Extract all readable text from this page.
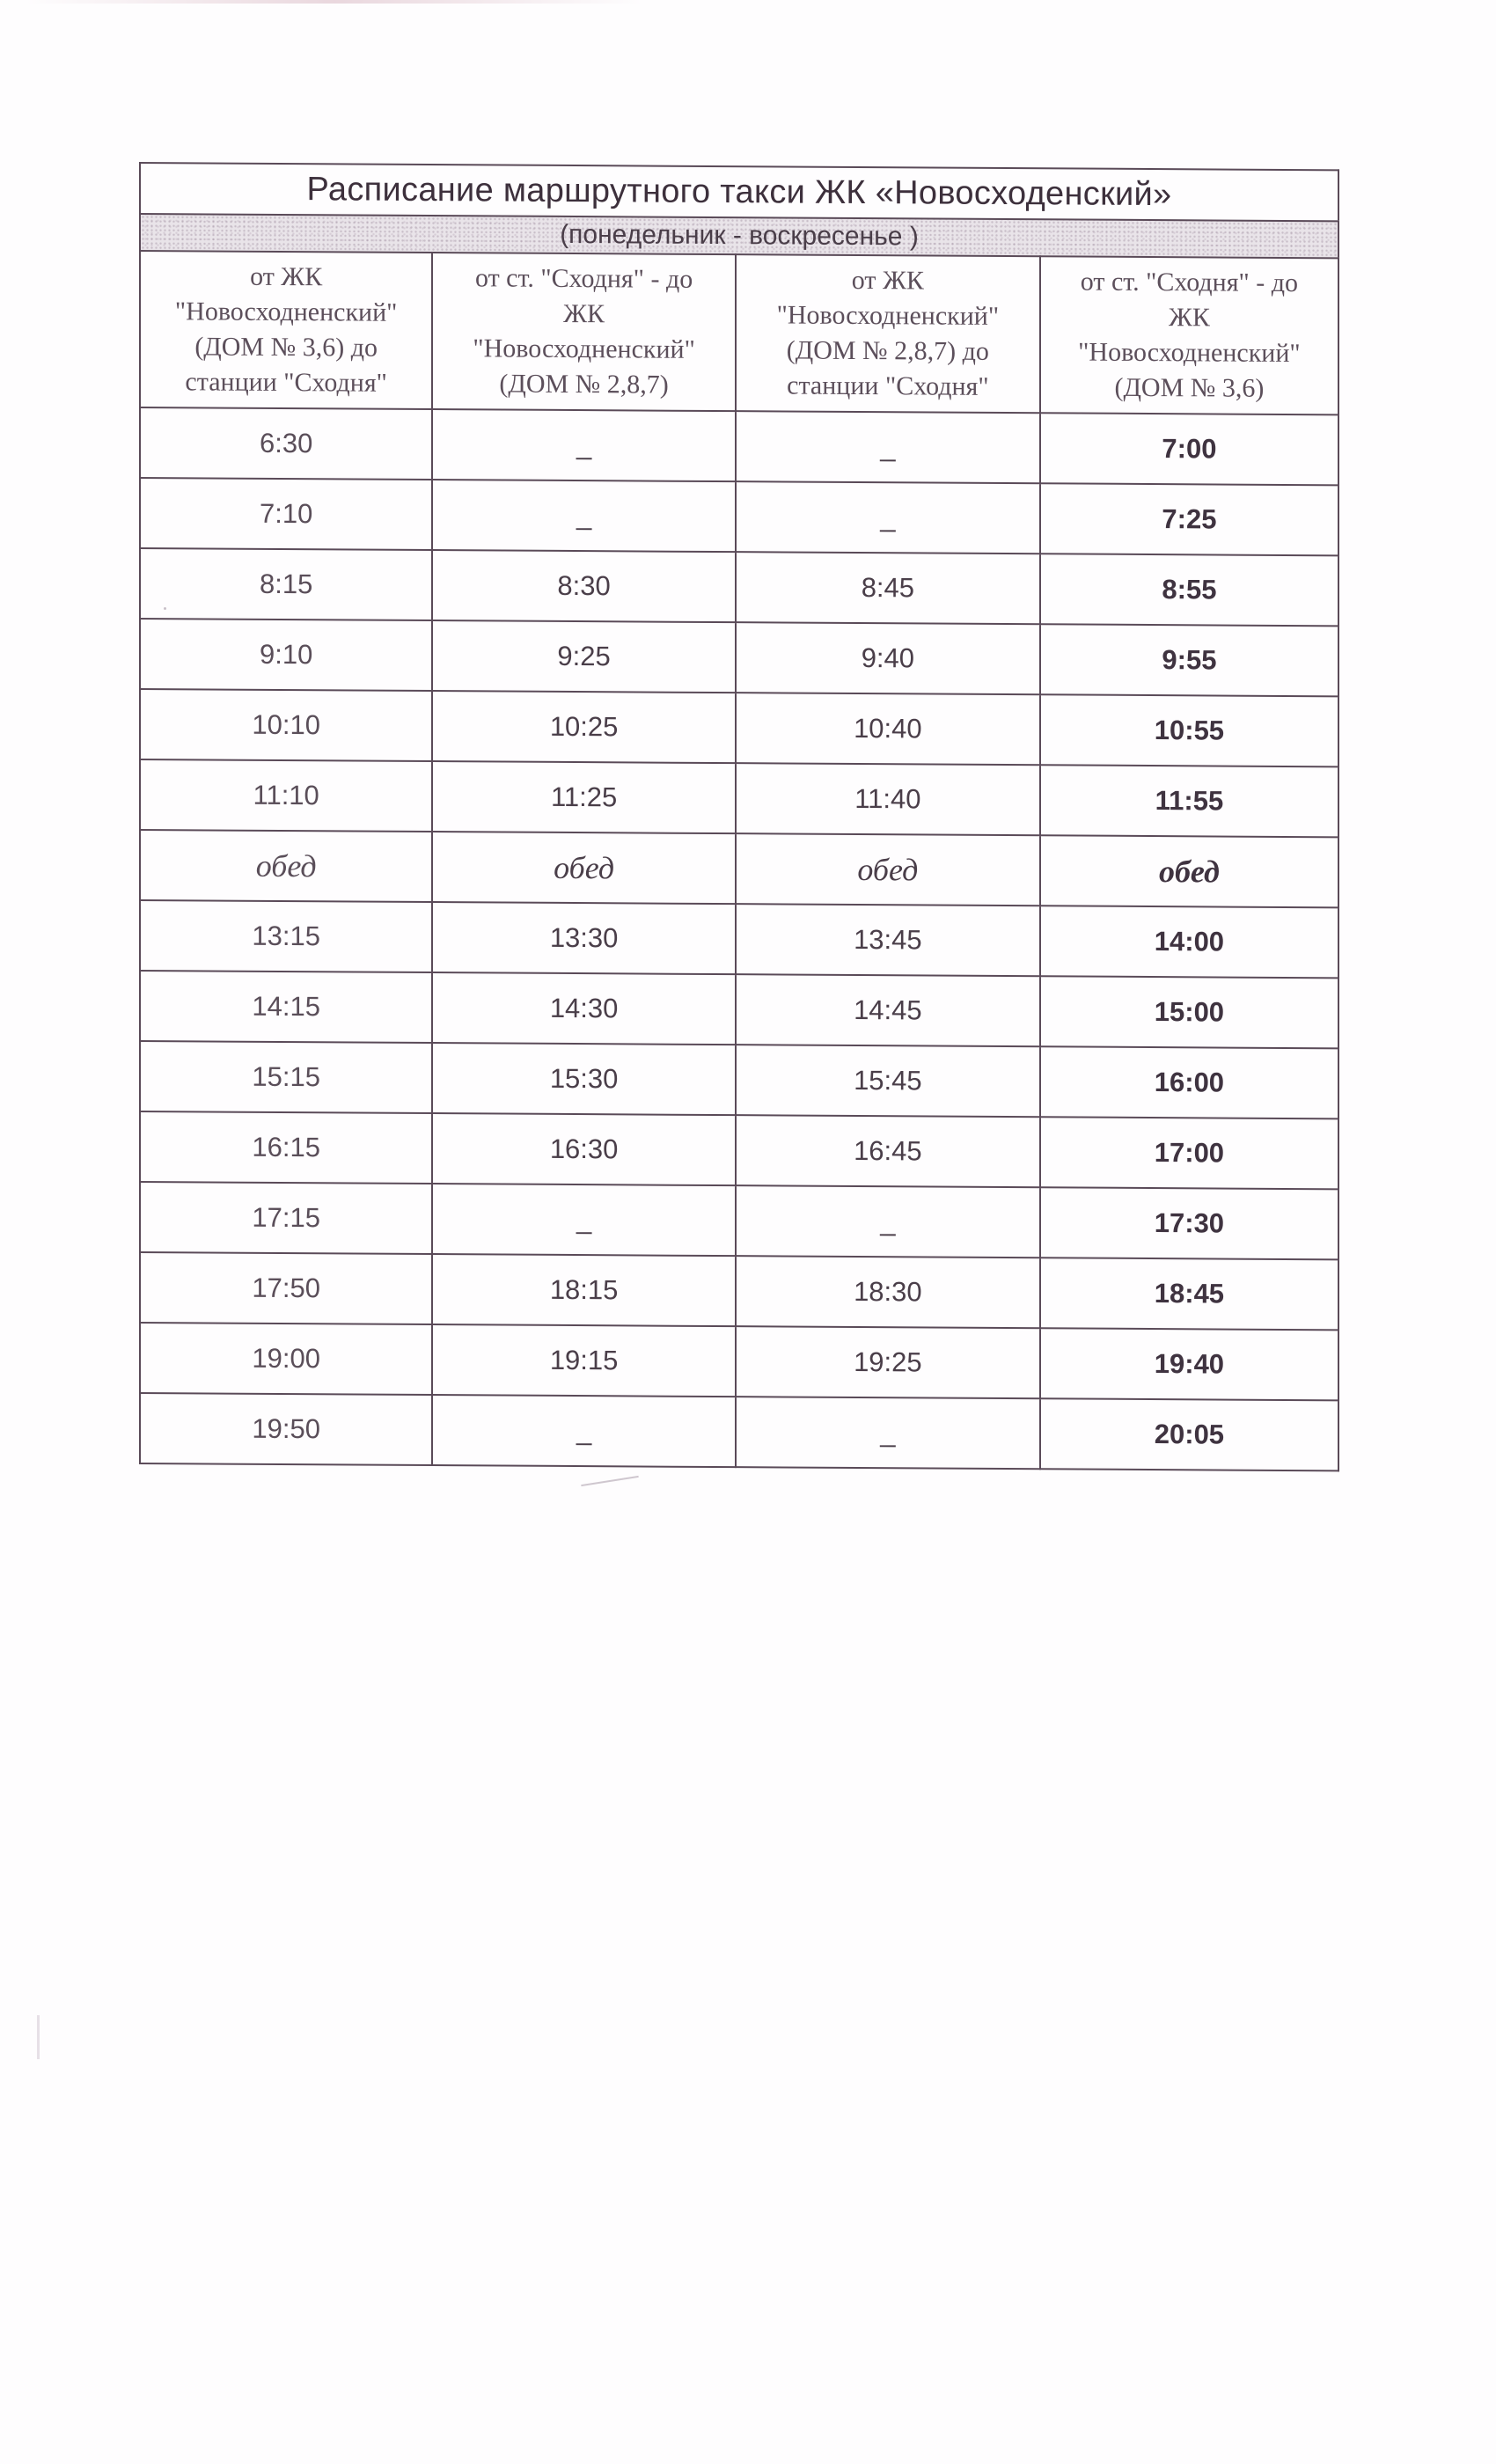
Расписание маршрутного такси ЖК «Новосходенский»
(понедельник - воскресенье )
от ЖК
"Новосходненский"
(ДОМ № 3,6) до
станции "Сходня"	от ст. "Сходня" - до
ЖК
"Новосходненский"
(ДОМ № 2,8,7)	от ЖК
"Новосходненский"
(ДОМ № 2,8,7) до
станции "Сходня"	от ст. "Сходня" - до
ЖК
"Новосходненский"
(ДОМ № 3,6)
6:30	_	_	7:00
7:10	_	_	7:25
8:15	8:30	8:45	8:55
9:10	9:25	9:40	9:55
10:10	10:25	10:40	10:55
11:10	11:25	11:40	11:55
обед	обед	обед	обед
13:15	13:30	13:45	14:00
14:15	14:30	14:45	15:00
15:15	15:30	15:45	16:00
16:15	16:30	16:45	17:00
17:15	_	_	17:30
17:50	18:15	18:30	18:45
19:00	19:15	19:25	19:40
19:50	_	_	20:05
